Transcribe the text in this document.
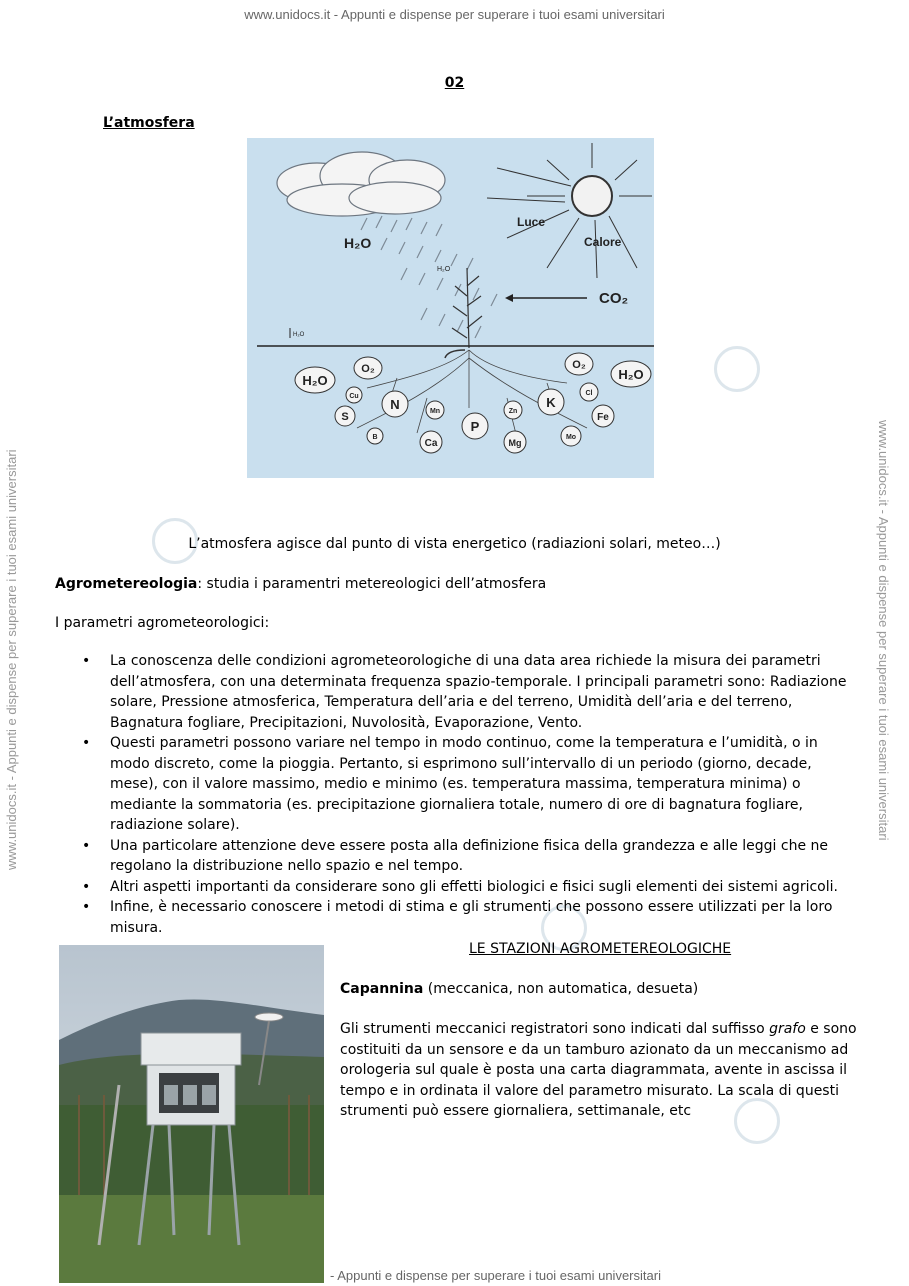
www.unidocs.it - Appunti e dispense per superare i tuoi esami universitari
www.unidocs.it - Appunti e dispense per superare i tuoi esami universitari	www.unidocs.it - Appunti e dispense per superare i tuoi esami universitari
02
L’atmosfera
Luce
Calore
H₂O
H₂O
CO₂
H₂O
H₂O
O₂	O₂
H₂O
N
P
K
S
Cu
B
Ca
Mn	Zn
Mg
Cl
Fe
Mo
L’atmosfera agisce dal punto di vista energetico (radiazioni solari, meteo…)
Agrometereologia: studia i paramentri metereologici dell’atmosfera
I parametri agrometeorologici:
• La conoscenza delle condizioni agrometeorologiche di una data area richiede la misura dei parametri dell’atmosfera, con una determinata frequenza spazio-temporale. I principali parametri sono: Radiazione solare, Pressione atmosferica, Temperatura dell’aria e del terreno, Umidità dell’aria e del terreno, Bagnatura fogliare, Precipitazioni, Nuvolosità, Evaporazione, Vento.
• Questi parametri possono variare nel tempo in modo continuo, come la temperatura e l’umidità, o in modo discreto, come la pioggia. Pertanto, si esprimono sull’intervallo di un periodo (giorno, decade, mese), con il valore massimo, medio e minimo (es. temperatura massima, temperatura minima) o mediante la sommatoria (es. precipitazione giornaliera totale, numero di ore di bagnatura fogliare, radiazione solare).
• Una particolare attenzione deve essere posta alla definizione fisica della grandezza e alle leggi che ne regolano la distribuzione nello spazio e nel tempo.
• Altri aspetti importanti da considerare sono gli effetti biologici e fisici sugli elementi dei sistemi agricoli.
• Infine, è necessario conoscere i metodi di stima e gli strumenti che possono essere utilizzati per la loro misura.
LE STAZIONI AGROMETEREOLOGICHE
Capannina (meccanica, non automatica, desueta)
Gli strumenti meccanici registratori sono indicati dal suffisso grafo e sono costituiti da un sensore e da un tamburo azionato da un meccanismo ad orologeria sul quale è posta una carta diagrammata, avente in ascissa il tempo e in ordinata il valore del parametro misurato. La scala di questi strumenti può essere giornaliera, settimanale, etc
- Appunti e dispense per superare i tuoi esami universitari
